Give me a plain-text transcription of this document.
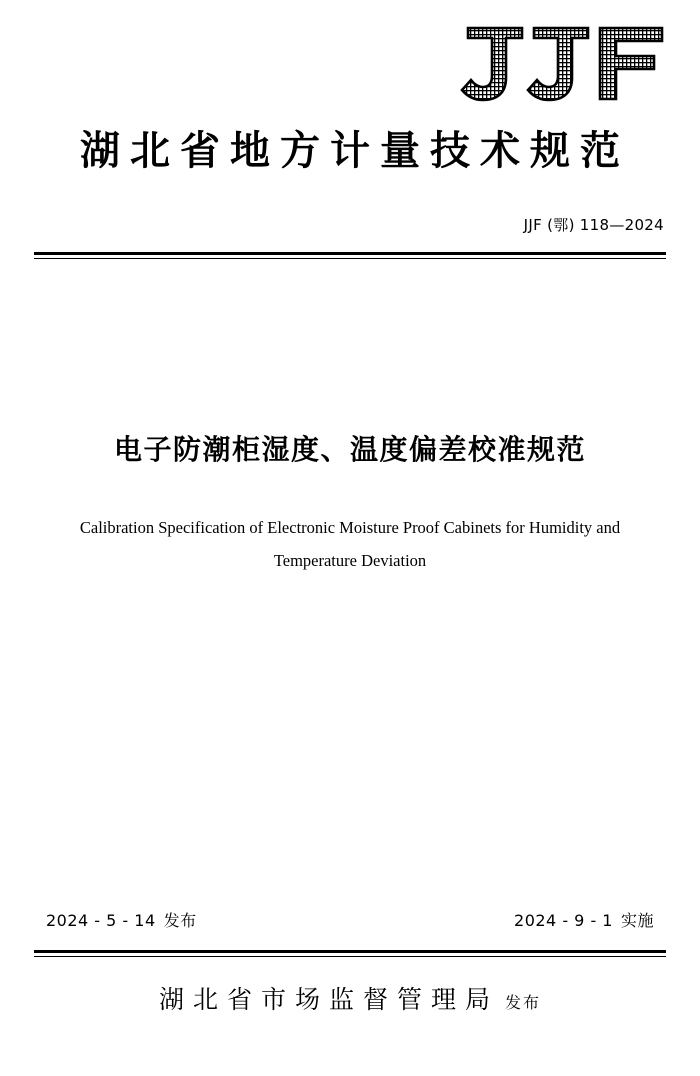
湖北省地方计量技术规范
JJF (鄂) 118—2024
电子防潮柜湿度、温度偏差校准规范
Calibration Specification of Electronic Moisture Proof Cabinets for Humidity and
Temperature Deviation
2024 - 5 - 14 发布	2024 - 9 - 1 实施
湖北省市场监督管理局 发布
